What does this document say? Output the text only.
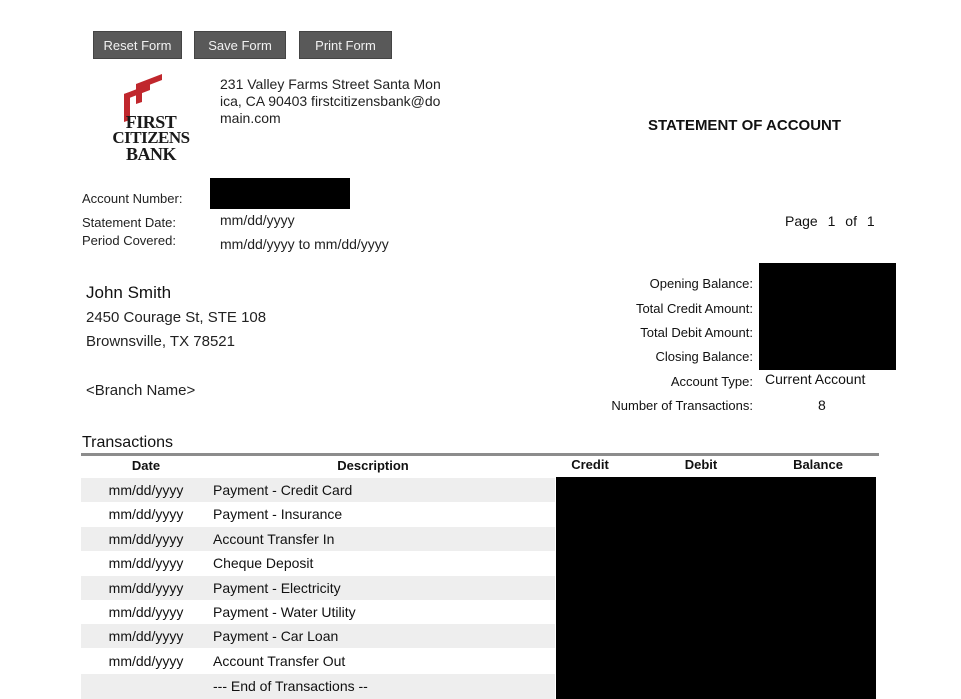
Reset Form	Save Form	Print Form
FIRST
CITIZENS
BANK
231 Valley Farms Street Santa Mon
ica, CA 90403 firstcitizensbank@do
main.com	STATEMENT OF ACCOUNT
Account Number:
Statement Date:	mm/dd/yyyy
Period Covered:	mm/dd/yyyy to mm/dd/yyyy
Page 1 of 1
John Smith
2450 Courage St, STE 108
Brownsville, TX 78521
<Branch Name>
Opening Balance:
Total Credit Amount:
Total Debit Amount:
Closing Balance:
Account Type: Current Account
Number of Transactions:	8
Transactions
Date	Description	Credit	Debit	Balance
mm/dd/yyyy	Payment - Credit Card
mm/dd/yyyy	Payment - Insurance
mm/dd/yyyy	Account Transfer In
mm/dd/yyyy	Cheque Deposit
mm/dd/yyyy	Payment - Electricity
mm/dd/yyyy	Payment - Water Utility
mm/dd/yyyy	Payment - Car Loan
mm/dd/yyyy	Account Transfer Out
--- End of Transactions --
